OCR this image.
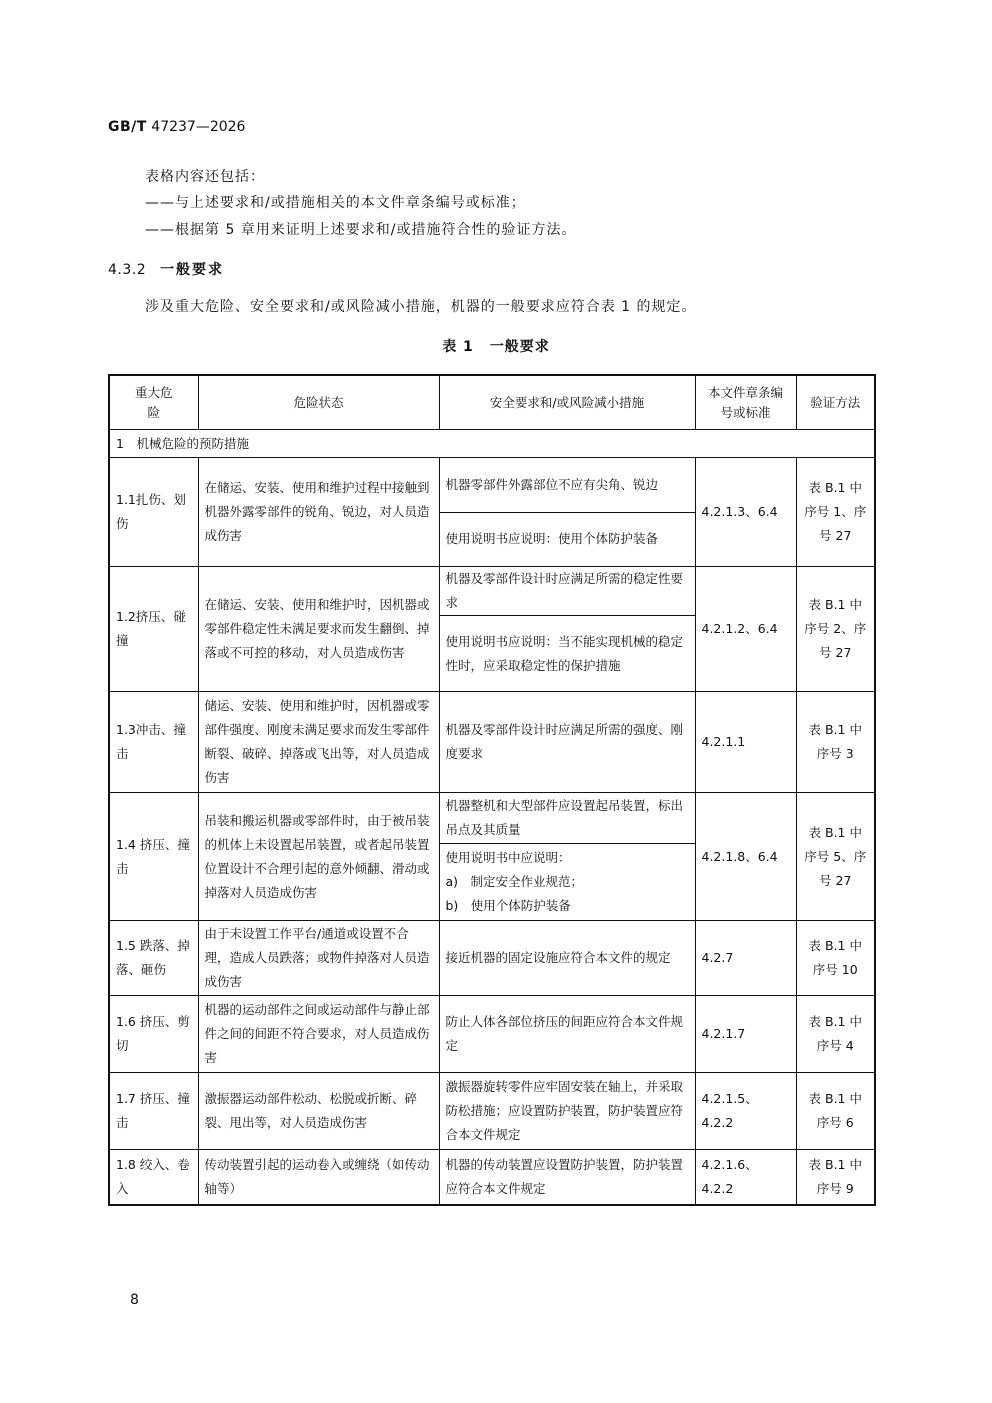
GB/T 47237—2026
表格内容还包括：
——与上述要求和/或措施相关的本文件章条编号或标准；
——根据第 5 章用来证明上述要求和/或措施符合性的验证方法。
4.3.2 一般要求
涉及重大危险、安全要求和/或风险减小措施，机器的一般要求应符合表 1 的规定。
表 1 一般要求
重大危险	危险状态	安全要求和/或风险减小措施	本文件章条编号或标准	验证方法
1　机械危险的预防措施				
1.1扎伤、划伤	在储运、安装、使用和维护过程中接触到机器外露零部件的锐角、锐边，对人员造成伤害	机器零部件外露部位不应有尖角、锐边	4.2.1.3、6.4	表 B.1 中序号 1、序号 27
		使用说明书应说明：使用个体防护装备		
1.2挤压、碰撞	在储运、安装、使用和维护时，因机器或零部件稳定性未满足要求而发生翻倒、掉落或不可控的移动，对人员造成伤害	机器及零部件设计时应满足所需的稳定性要求	4.2.1.2、6.4	表 B.1 中序号 2、序号 27
		使用说明书应说明：当不能实现机械的稳定性时，应采取稳定性的保护措施		
1.3冲击、撞击	储运、安装、使用和维护时，因机器或零部件强度、刚度未满足要求而发生零部件断裂、破碎、掉落或飞出等，对人员造成伤害	机器及零部件设计时应满足所需的强度、刚度要求	4.2.1.1	表 B.1 中序号 3
1.4 挤压、撞击	吊装和搬运机器或零部件时，由于被吊装的机体上未设置起吊装置，或者起吊装置位置设计不合理引起的意外倾翻、滑动或掉落对人员造成伤害	机器整机和大型部件应设置起吊装置，标出吊点及其质量	4.2.1.8、6.4	表 B.1 中序号 5、序号 27

		使用说明书中应说明：
a)　制定安全作业规范；
b)　使用个体防护装备		

1.5 跌落、掉落、砸伤	由于未设置工作平台/通道或设置不合理，造成人员跌落；或物件掉落对人员造成伤害	接近机器的固定设施应符合本文件的规定	4.2.7	表 B.1 中序号 10
1.6 挤压、剪切	机器的运动部件之间或运动部件与静止部件之间的间距不符合要求，对人员造成伤害	防止人体各部位挤压的间距应符合本文件规定	4.2.1.7	表 B.1 中序号 4
1.7 挤压、撞击	激振器运动部件松动、松脱或折断、碎裂、甩出等，对人员造成伤害	激振器旋转零件应牢固安装在轴上，并采取防松措施；应设置防护装置，防护装置应符合本文件规定	4.2.1.5、4.2.2	表 B.1 中序号 6
1.8 绞入、卷入	传动装置引起的运动卷入或缠绕（如传动轴等）	机器的传动装置应设置防护装置，防护装置应符合本文件规定	4.2.1.6、4.2.2	表 B.1 中序号 9
8
